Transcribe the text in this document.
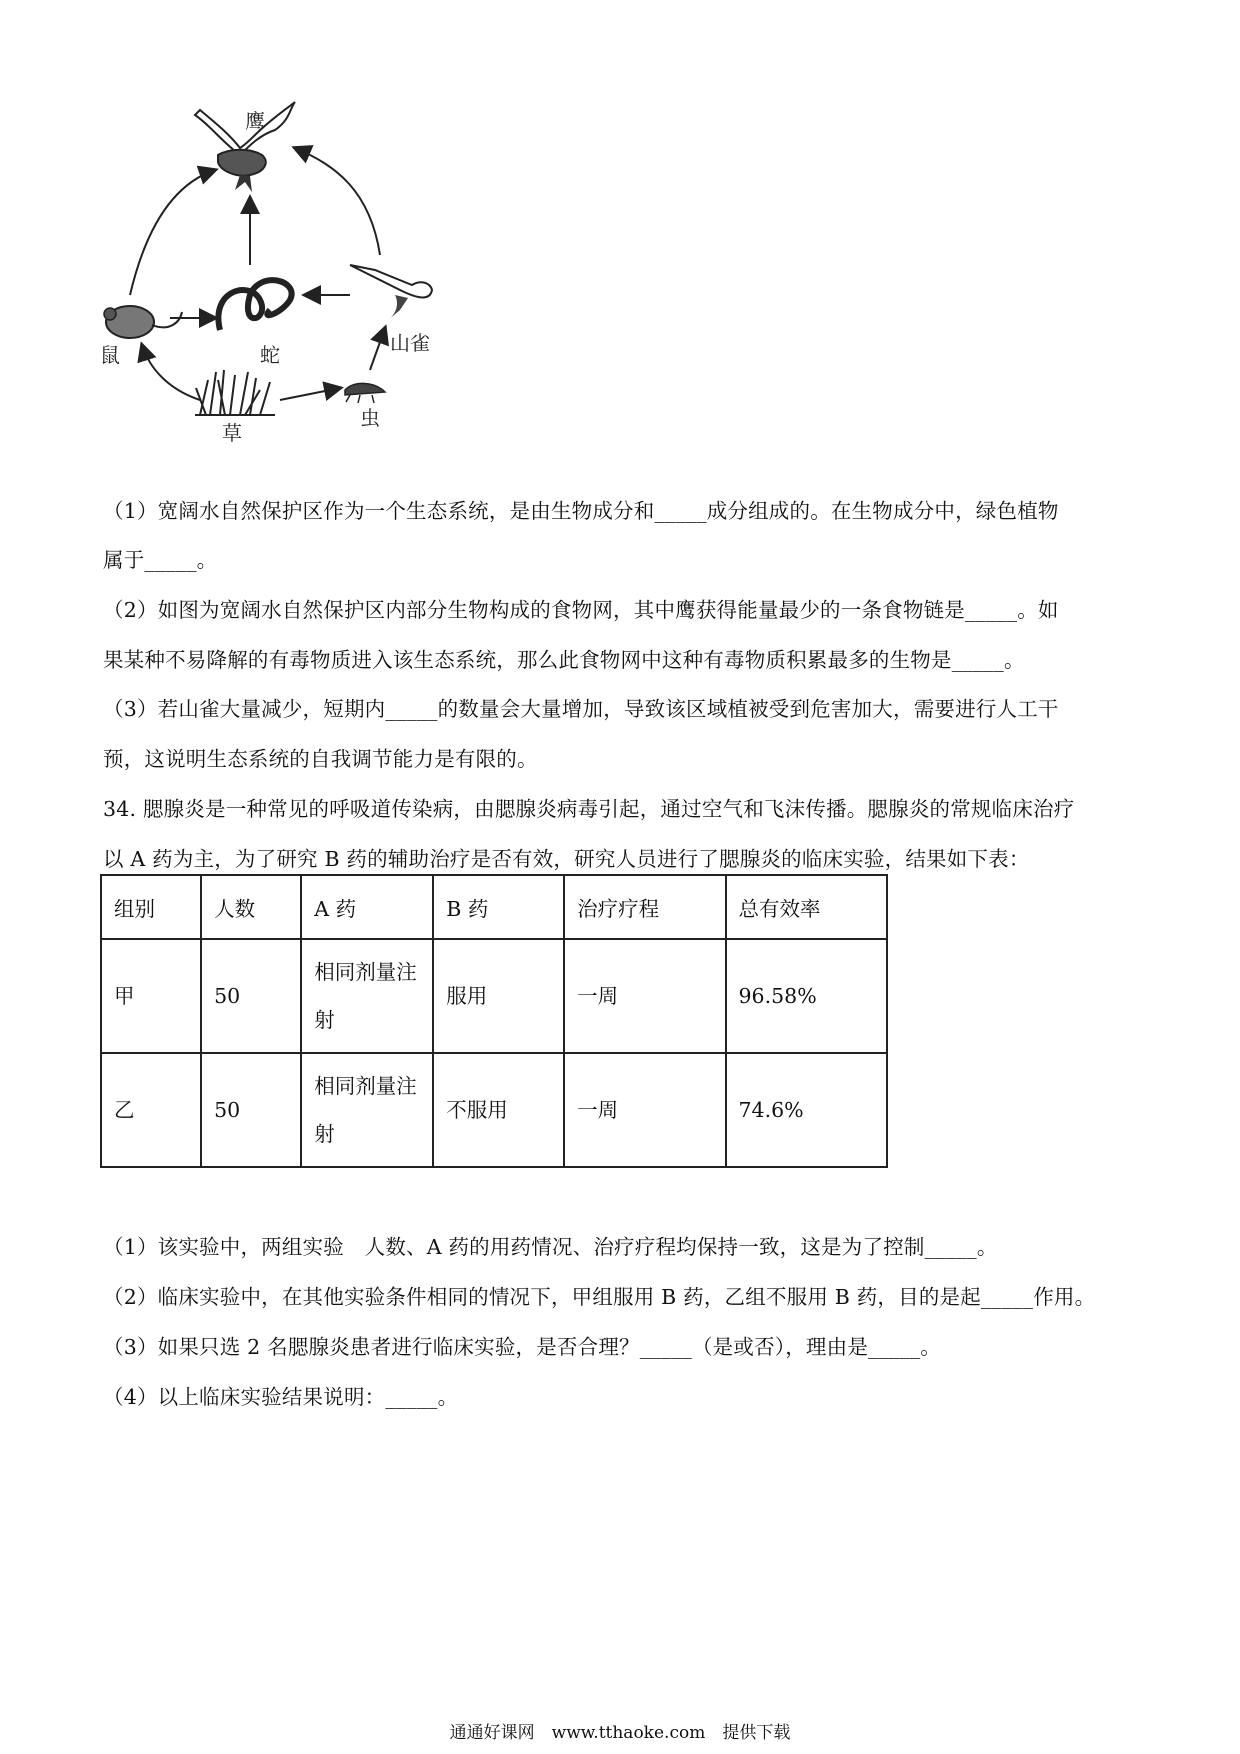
鹰
鼠	蛇	山雀
草
虫
（1）宽阔水自然保护区作为一个生态系统，是由生物成分和_____成分组成的。在生物成分中，绿色植物
属于_____。
（2）如图为宽阔水自然保护区内部分生物构成的食物网，其中鹰获得能量最少的一条食物链是_____。如
果某种不易降解的有毒物质进入该生态系统，那么此食物网中这种有毒物质积累最多的生物是_____。
（3）若山雀大量减少，短期内_____的数量会大量增加，导致该区域植被受到危害加大，需要进行人工干
预，这说明生态系统的自我调节能力是有限的。
34. 腮腺炎是一种常见的呼吸道传染病，由腮腺炎病毒引起，通过空气和飞沫传播。腮腺炎的常规临床治疗
以 A 药为主，为了研究 B 药的辅助治疗是否有效，研究人员进行了腮腺炎的临床实验，结果如下表：
组别	人数	A 药	B 药	治疗疗程	总有效率
甲	50	相同剂量注射	服用	一周	96.58%
乙	50	相同剂量注射	不服用	一周	74.6%
（1）该实验中，两组实验　人数、A 药的用药情况、治疗疗程均保持一致，这是为了控制_____。
（2）临床实验中，在其他实验条件相同的情况下，甲组服用 B 药，乙组不服用 B 药，目的是起_____作用。
（3）如果只选 2 名腮腺炎患者进行临床实验，是否合理？_____（是或否），理由是_____。
（4）以上临床实验结果说明：_____。
通通好课网　www.tthaoke.com　提供下载
